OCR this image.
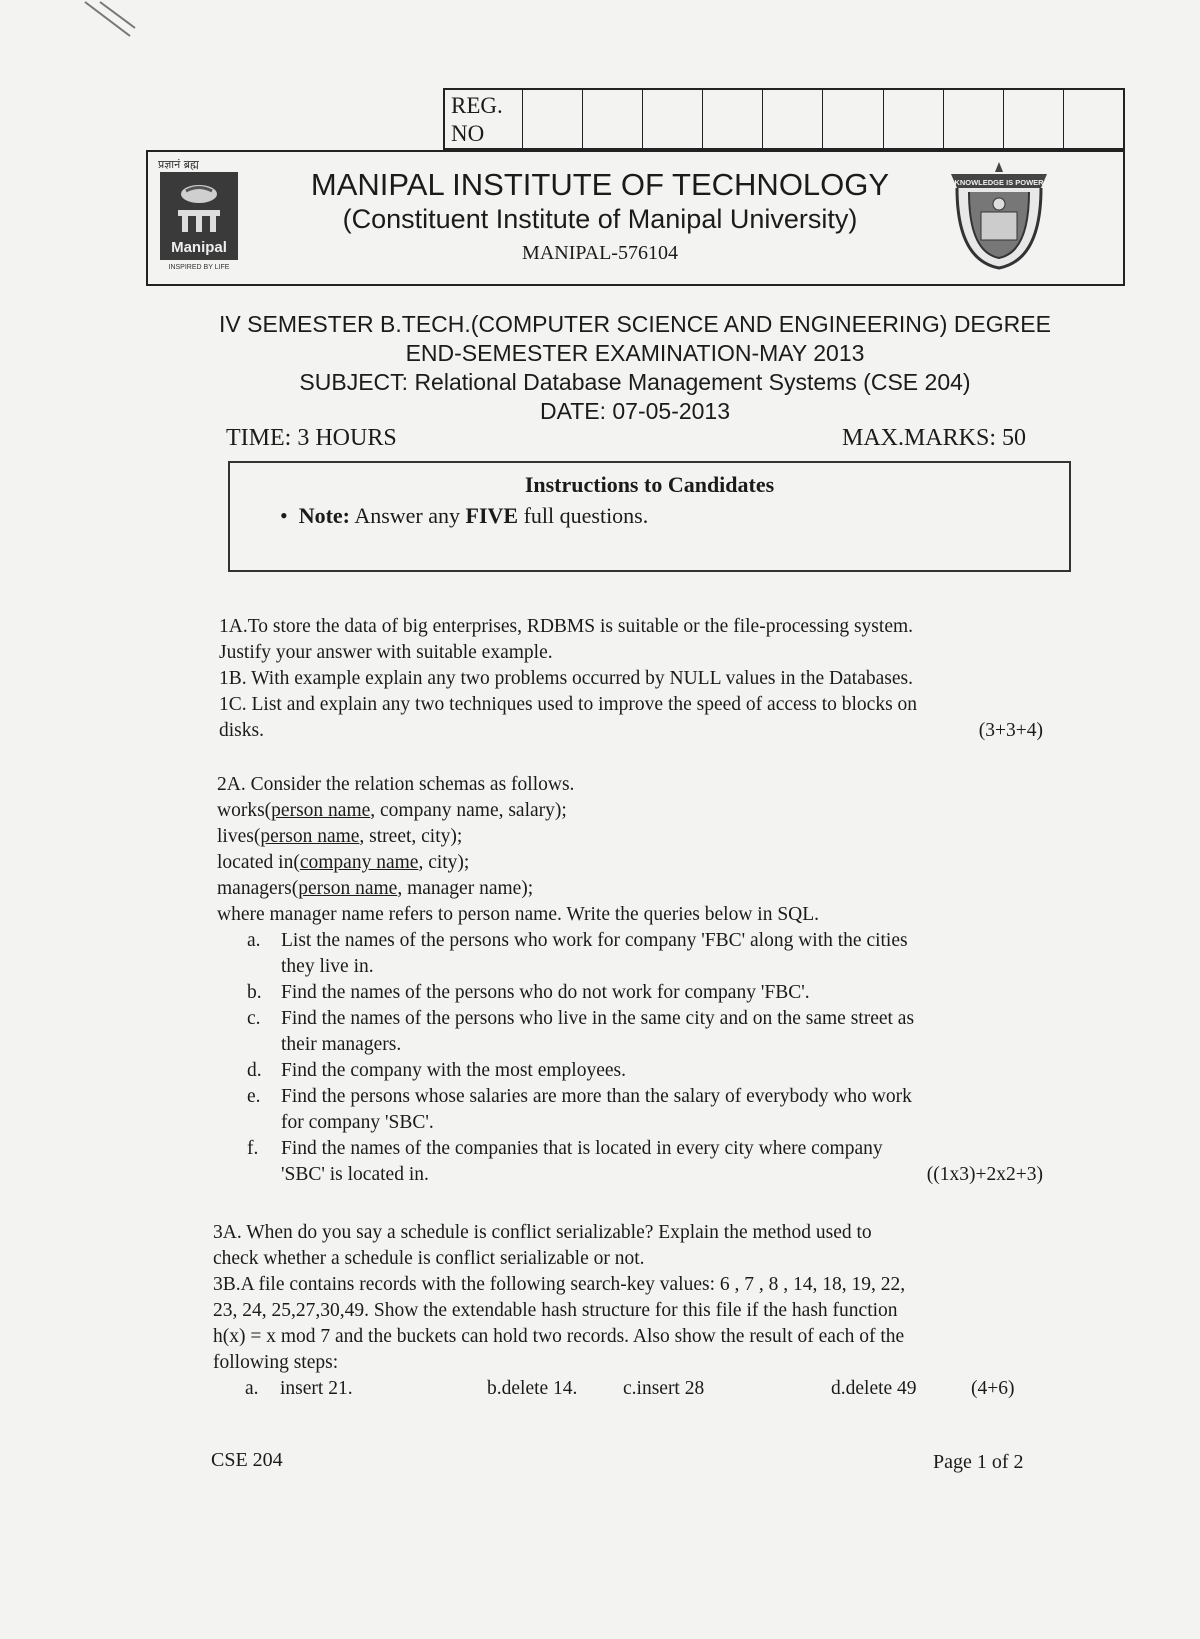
REG.
NO
प्रज्ञानं ब्रह्म
Manipal
INSPIRED BY LIFE
KNOWLEDGE IS POWER
MANIPAL INSTITUTE OF TECHNOLOGY
(Constituent Institute of Manipal University)
MANIPAL-576104
IV SEMESTER B.TECH.(COMPUTER SCIENCE AND ENGINEERING) DEGREE
END-SEMESTER EXAMINATION-MAY 2013
SUBJECT: Relational Database Management Systems (CSE 204)
DATE: 07-05-2013
TIME: 3 HOURS	MAX.MARKS: 50
Instructions to Candidates
•  Note: Answer any FIVE full questions.

1A.To store the data of big enterprises, RDBMS is suitable or the file-processing system.

Justify your answer with suitable example.

1B. With example explain any two problems occurred by NULL values in the Databases.

1C. List and explain any two techniques used to improve the speed of access to blocks on

disks.	(3+3+4)

2A. Consider the relation schemas as follows.

works(person name, company name, salary);

lives(person name, street, city);

located in(company name, city);

managers(person name, manager name);

where manager name refers to person name. Write the queries below in SQL.

a. List the names of the persons who work for company 'FBC' along with the cities
they live in.
b. Find the names of the persons who do not work for company 'FBC'.
c. Find the names of the persons who live in the same city and on the same street as
their managers.
d. Find the company with the most employees.
e. Find the persons whose salaries are more than the salary of everybody who work
for company 'SBC'.
f. Find the names of the companies that is located in every city where company
'SBC' is located in.	((1x3)+2x2+3)

3A. When do you say a schedule is conflict serializable? Explain the method used to

check whether a schedule is conflict serializable or not.

3B.A file contains records with the following search-key values: 6 , 7 , 8 , 14, 18, 19, 22,

23, 24, 25,27,30,49. Show the extendable hash structure for this file if the hash function

h(x) = x mod 7 and the buckets can hold two records. Also show the result of each of the

following steps:

a. insert 21.	b.delete 14. c.insert 28	d.delete 49	(4+6)
CSE 204	Page 1 of 2
